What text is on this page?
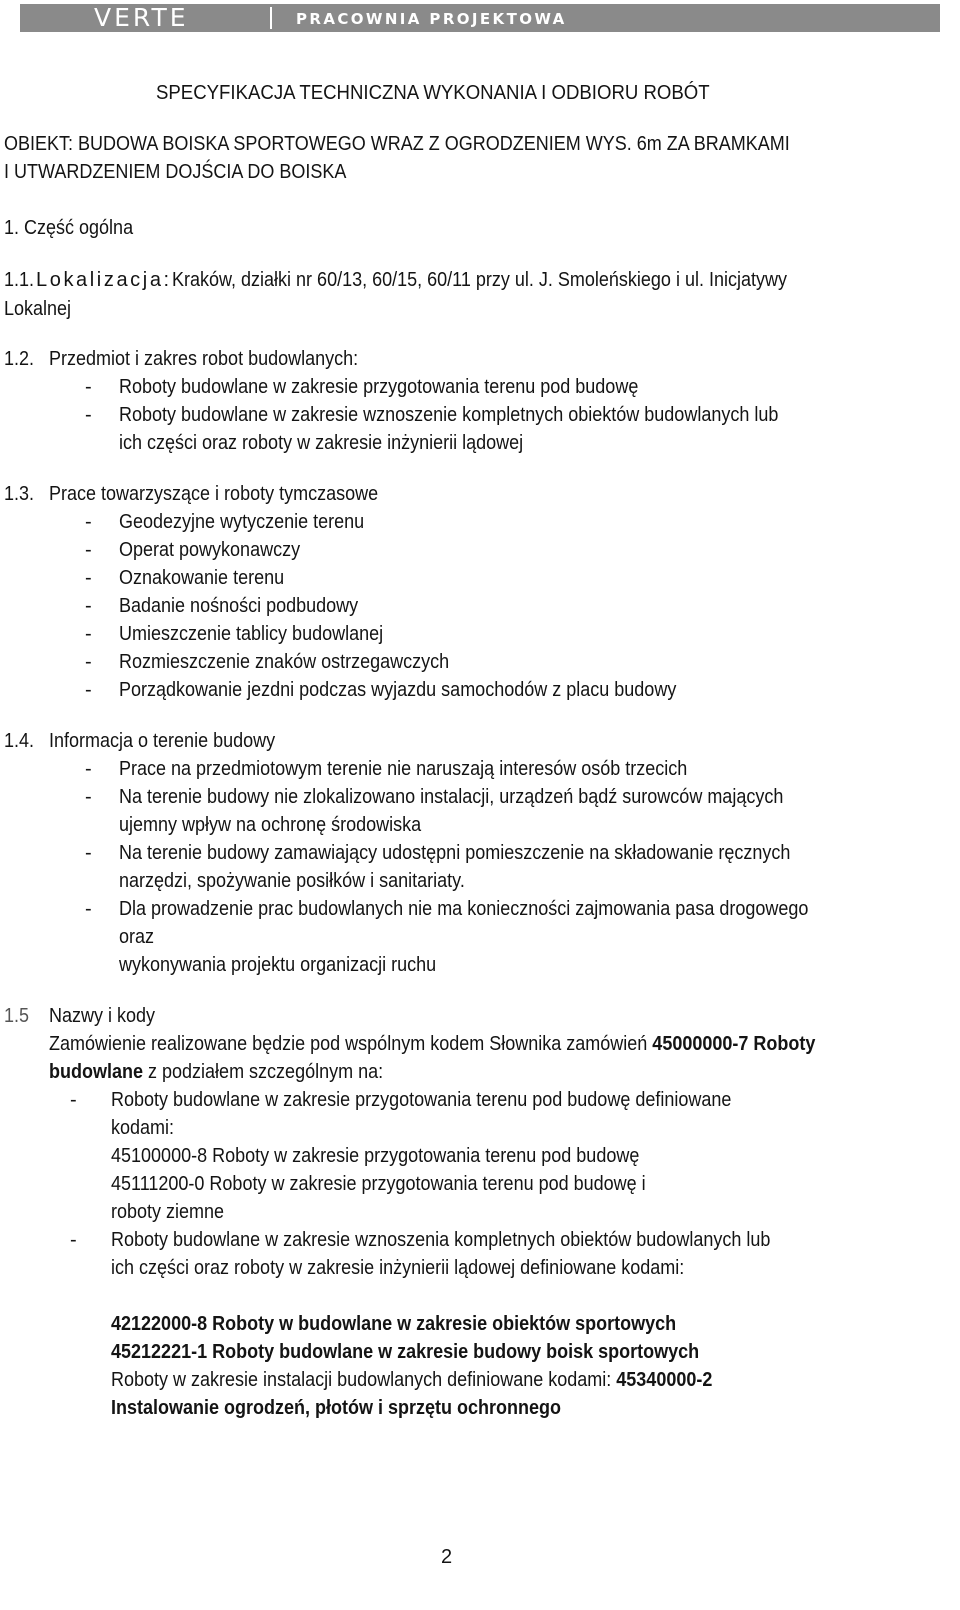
VERTE	PRACOWNIA PROJEKTOWA
SPECYFIKACJA TECHNICZNA WYKONANIA I ODBIORU ROBÓT
OBIEKT: BUDOWA BOISKA SPORTOWEGO WRAZ Z OGRODZENIEM WYS. 6m ZA BRAMKAMI
I UTWARDZENIEM DOJŚCIA DO BOISKA
1. Część ogólna
1.1. Lokalizacja: Kraków, działki nr 60/13, 60/15, 60/11 przy ul. J. Smoleńskiego i ul. Inicjatywy
Lokalnej
1.2. Przedmiot i zakres robot budowlanych:
- Roboty budowlane w zakresie przygotowania terenu pod budowę
- Roboty budowlane w zakresie wznoszenie kompletnych obiektów budowlanych lub
ich części oraz roboty w zakresie inżynierii lądowej
1.3. Prace towarzyszące i roboty tymczasowe
- Geodezyjne wytyczenie terenu
- Operat powykonawczy
- Oznakowanie terenu
- Badanie nośności podbudowy
- Umieszczenie tablicy budowlanej
- Rozmieszczenie znaków ostrzegawczych
- Porządkowanie jezdni podczas wyjazdu samochodów z placu budowy
1.4. Informacja o terenie budowy
- Prace na przedmiotowym terenie nie naruszają interesów osób trzecich
- Na terenie budowy nie zlokalizowano instalacji, urządzeń bądź surowców mających
ujemny wpływ na ochronę środowiska
- Na terenie budowy zamawiający udostępni pomieszczenie na składowanie ręcznych
narzędzi, spożywanie posiłków i sanitariaty.
- Dla prowadzenie prac budowlanych nie ma konieczności zajmowania pasa drogowego
oraz
wykonywania projektu organizacji ruchu
1.5 Nazwy i kody
Zamówienie realizowane będzie pod wspólnym kodem Słownika zamówień 45000000-7 Roboty
budowlane z podziałem szczególnym na:
- Roboty budowlane w zakresie przygotowania terenu pod budowę definiowane
kodami:
45100000-8 Roboty w zakresie przygotowania terenu pod budowę
45111200-0 Roboty w zakresie przygotowania terenu pod budowę i
roboty ziemne
- Roboty budowlane w zakresie wznoszenia kompletnych obiektów budowlanych lub
ich części oraz roboty w zakresie inżynierii lądowej definiowane kodami:
42122000-8 Roboty w budowlane w zakresie obiektów sportowych
45212221-1 Roboty budowlane w zakresie budowy boisk sportowych
Roboty w zakresie instalacji budowlanych definiowane kodami: 45340000-2
Instalowanie ogrodzeń, płotów i sprzętu ochronnego
2
